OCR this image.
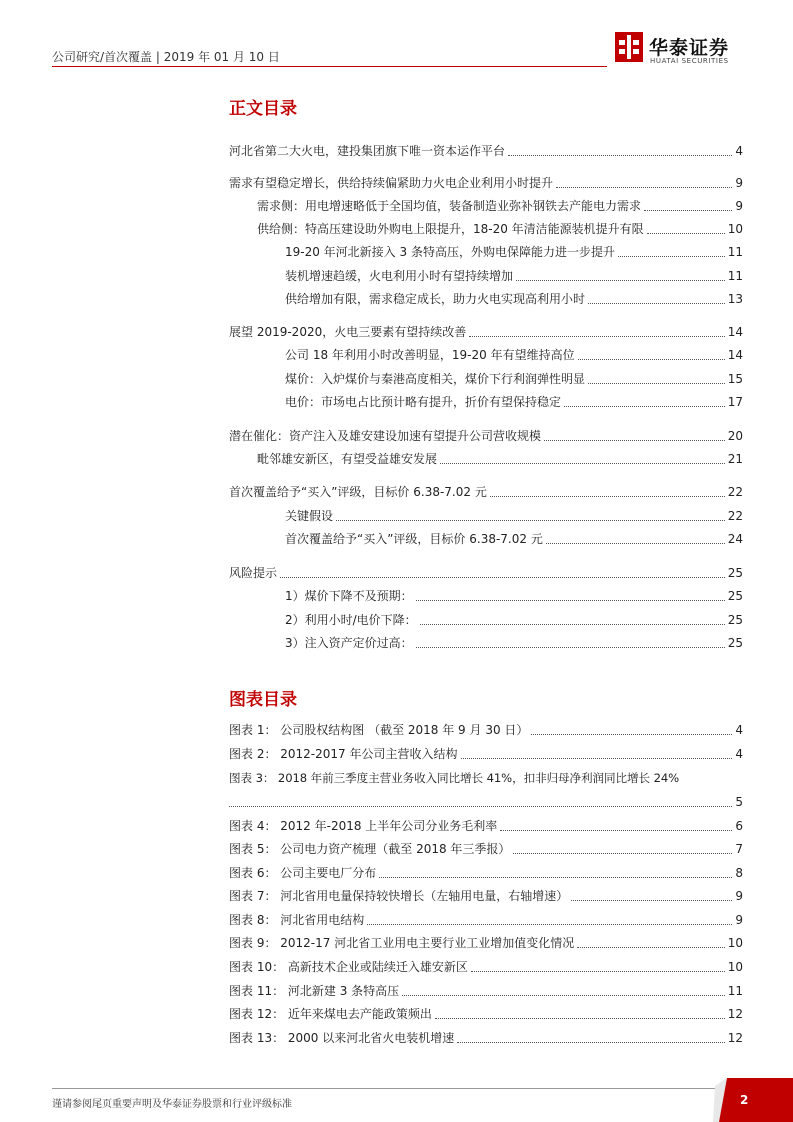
公司研究/首次覆盖 | 2019 年 01 月 10 日	华泰证券
HUATAI SECURITIES
正文目录
河北省第二大火电，建投集团旗下唯一资本运作平台	4
需求有望稳定增长，供给持续偏紧助力火电企业利用小时提升	9
需求侧：用电增速略低于全国均值，装备制造业弥补钢铁去产能电力需求	9
供给侧：特高压建设助外购电上限提升，18-20 年清洁能源装机提升有限	10
19-20 年河北新接入 3 条特高压，外购电保障能力进一步提升	11
装机增速趋缓，火电利用小时有望持续增加	11
供给增加有限，需求稳定成长，助力火电实现高利用小时	13
展望 2019-2020，火电三要素有望持续改善	14
公司 18 年利用小时改善明显，19-20 年有望维持高位	14
煤价：入炉煤价与秦港高度相关，煤价下行利润弹性明显	15
电价：市场电占比预计略有提升，折价有望保持稳定	17
潜在催化：资产注入及雄安建设加速有望提升公司营收规模	20
毗邻雄安新区，有望受益雄安发展	21
首次覆盖给予“买入”评级，目标价 6.38-7.02 元	22
关键假设	22
首次覆盖给予“买入”评级，目标价 6.38-7.02 元	24
风险提示	25
1）煤价下降不及预期：	25
2）利用小时/电价下降：	25
3）注入资产定价过高：	25
图表目录
图表 1： 公司股权结构图 （截至 2018 年 9 月 30 日）	4
图表 2： 2012-2017 年公司主营收入结构	4
图表 3： 2018 年前三季度主营业务收入同比增长 41%，扣非归母净利润同比增长 24%
5
图表 4： 2012 年-2018 上半年公司分业务毛利率	6
图表 5： 公司电力资产梳理（截至 2018 年三季报）	7
图表 6： 公司主要电厂分布	8
图表 7： 河北省用电量保持较快增长（左轴用电量，右轴增速）	9
图表 8： 河北省用电结构	9
图表 9： 2012-17 河北省工业用电主要行业工业增加值变化情况	10
图表 10： 高新技术企业或陆续迁入雄安新区	10
图表 11： 河北新建 3 条特高压	11
图表 12： 近年来煤电去产能政策频出	12
图表 13： 2000 以来河北省火电装机增速	12
谨请参阅尾页重要声明及华泰证券股票和行业评级标准	2
